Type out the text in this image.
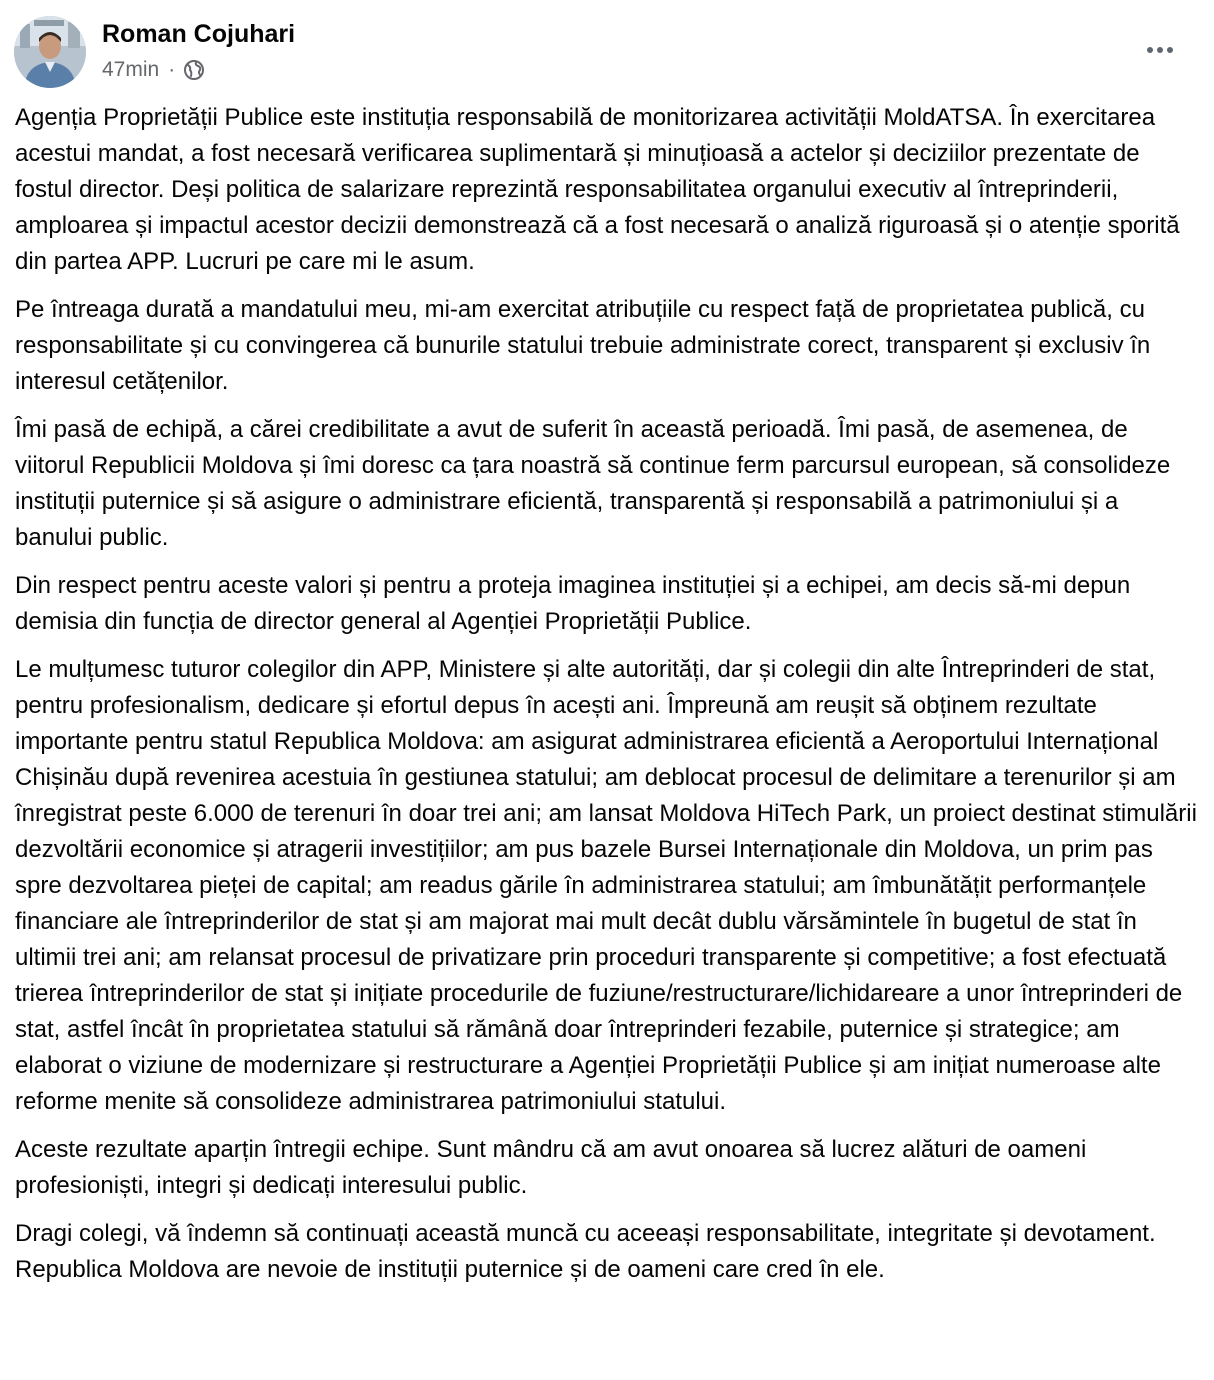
Roman Cojuhari
47min ·

Agenția Proprietății Publice este instituția responsabilă de monitorizarea activității MoldATSA. În exercitarea acestui mandat, a fost necesară verificarea suplimentară și minuțioasă a actelor și deciziilor prezentate de fostul director. Deși politica de salarizare reprezintă responsabilitatea organului executiv al întreprinderii, amploarea și impactul acestor decizii demonstrează că a fost necesară o analiză riguroasă și o atenție sporită din partea APP. Lucruri pe care mi le asum.

Pe întreaga durată a mandatului meu, mi-am exercitat atribuțiile cu respect față de proprietatea publică, cu responsabilitate și cu convingerea că bunurile statului trebuie administrate corect, transparent și exclusiv în interesul cetățenilor.

Îmi pasă de echipă, a cărei credibilitate a avut de suferit în această perioadă. Îmi pasă, de asemenea, de viitorul Republicii Moldova și îmi doresc ca țara noastră să continue ferm parcursul european, să consolideze instituții puternice și să asigure o administrare eficientă, transparentă și responsabilă a patrimoniului și a banului public.

Din respect pentru aceste valori și pentru a proteja imaginea instituției și a echipei, am decis să-mi depun demisia din funcția de director general al Agenției Proprietății Publice.

Le mulțumesc tuturor colegilor din APP, Ministere și alte autorități, dar și colegii din alte Întreprinderi de stat, pentru profesionalism, dedicare și efortul depus în acești ani. Împreună am reușit să obținem rezultate importante pentru statul Republica Moldova: am asigurat administrarea eficientă a Aeroportului Internațional Chișinău după revenirea acestuia în gestiunea statului; am deblocat procesul de delimitare a terenurilor și am înregistrat peste 6.000 de terenuri în doar trei ani; am lansat Moldova HiTech Park, un proiect destinat stimulării dezvoltării economice și atragerii investițiilor; am pus bazele Bursei Internaționale din Moldova, un prim pas spre dezvoltarea pieței de capital; am readus gările în administrarea statului; am îmbunătățit performanțele financiare ale întreprinderilor de stat și am majorat mai mult decât dublu vărsămintele în bugetul de stat în ultimii trei ani; am relansat procesul de privatizare prin proceduri transparente și competitive; a fost efectuată trierea întreprinderilor de stat și inițiate procedurile de fuziune/restructurare/lichidareare a unor întreprinderi de stat, astfel încât în proprietatea statului să rămână doar întreprinderi fezabile, puternice și strategice; am elaborat o viziune de modernizare și restructurare a Agenției Proprietății Publice și am inițiat numeroase alte reforme menite să consolideze administrarea patrimoniului statului.

Aceste rezultate aparțin întregii echipe. Sunt mândru că am avut onoarea să lucrez alături de oameni profesioniști, integri și dedicați interesului public.

Dragi colegi, vă îndemn să continuați această muncă cu aceeași responsabilitate, integritate și devotament. Republica Moldova are nevoie de instituții puternice și de oameni care cred în ele.
